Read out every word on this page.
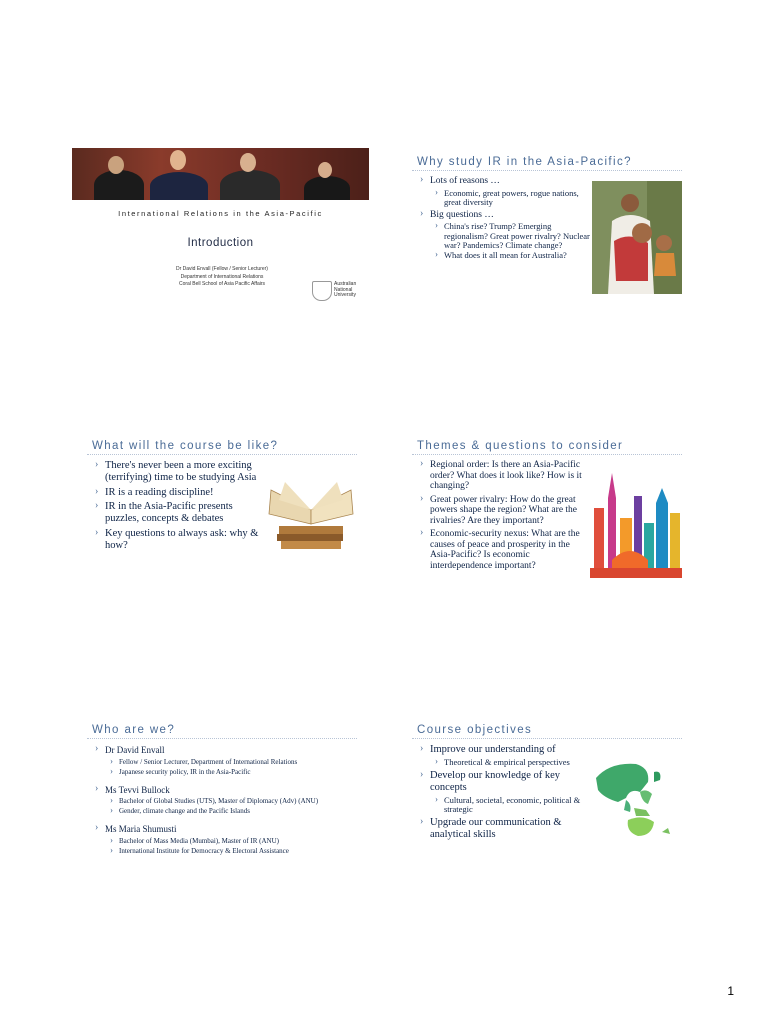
International Relations in the Asia-Pacific
Introduction
Dr David Envall (Fellow / Senior Lecturer)
Department of International Relations
Coral Bell School of Asia Pacific Affairs	Australian
National
University
Why study IR in the Asia-Pacific?
› Lots of reasons …
› Economic, great powers, rogue nations, great diversity
› Big questions …
› China's rise? Trump? Emerging regionalism? Great power rivalry? Nuclear war? Pandemics? Climate change?
› What does it all mean for Australia?
What will the course be like?
› There's never been a more exciting (terrifying) time to be studying Asia
› IR is a reading discipline!
› IR in the Asia-Pacific presents puzzles, concepts & debates
› Key questions to always ask: why & how?
Themes & questions to consider
› Regional order: Is there an Asia-Pacific order? What does it look like? How is it changing?
› Great power rivalry: How do the great powers shape the region? What are the rivalries? Are they important?
› Economic-security nexus: What are the causes of peace and prosperity in the Asia-Pacific? Is economic interdependence important?
Who are we?
› Dr David Envall
› Fellow / Senior Lecturer, Department of International Relations
› Japanese security policy, IR in the Asia-Pacific
› Ms Tevvi Bullock
› Bachelor of Global Studies (UTS), Master of Diplomacy (Adv) (ANU)
› Gender, climate change and the Pacific Islands
› Ms Maria Shumusti
› Bachelor of Mass Media (Mumbai), Master of IR (ANU)
› International Institute for Democracy & Electoral Assistance
Course objectives
› Improve our understanding of
› Theoretical & empirical perspectives
› Develop our knowledge of key concepts
› Cultural, societal, economic, political & strategic
› Upgrade our communication & analytical skills
1
